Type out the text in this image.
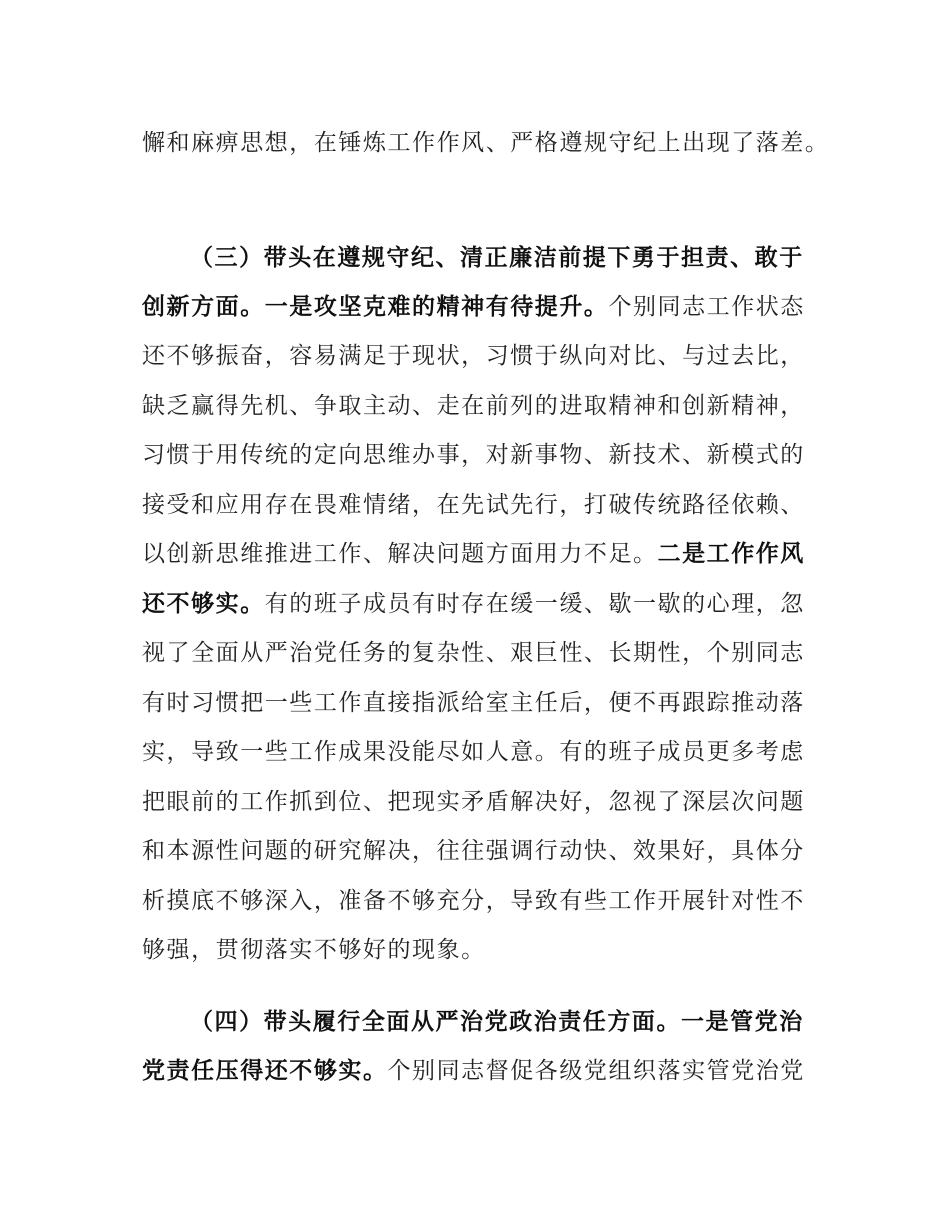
懈和麻痹思想，在锤炼工作作风、严格遵规守纪上出现了落差。

（三）带头在遵规守纪、清正廉洁前提下勇于担责、敢于

创新方面。一是攻坚克难的精神有待提升。个别同志工作状态

还不够振奋，容易满足于现状，习惯于纵向对比、与过去比，

缺乏赢得先机、争取主动、走在前列的进取精神和创新精神，

习惯于用传统的定向思维办事，对新事物、新技术、新模式的

接受和应用存在畏难情绪，在先试先行，打破传统路径依赖、

以创新思维推进工作、解决问题方面用力不足。二是工作作风

还不够实。有的班子成员有时存在缓一缓、歇一歇的心理，忽

视了全面从严治党任务的复杂性、艰巨性、长期性，个别同志

有时习惯把一些工作直接指派给室主任后，便不再跟踪推动落

实，导致一些工作成果没能尽如人意。有的班子成员更多考虑

把眼前的工作抓到位、把现实矛盾解决好，忽视了深层次问题

和本源性问题的研究解决，往往强调行动快、效果好，具体分

析摸底不够深入，准备不够充分，导致有些工作开展针对性不

够强，贯彻落实不够好的现象。

（四）带头履行全面从严治党政治责任方面。一是管党治

党责任压得还不够实。个别同志督促各级党组织落实管党治党
